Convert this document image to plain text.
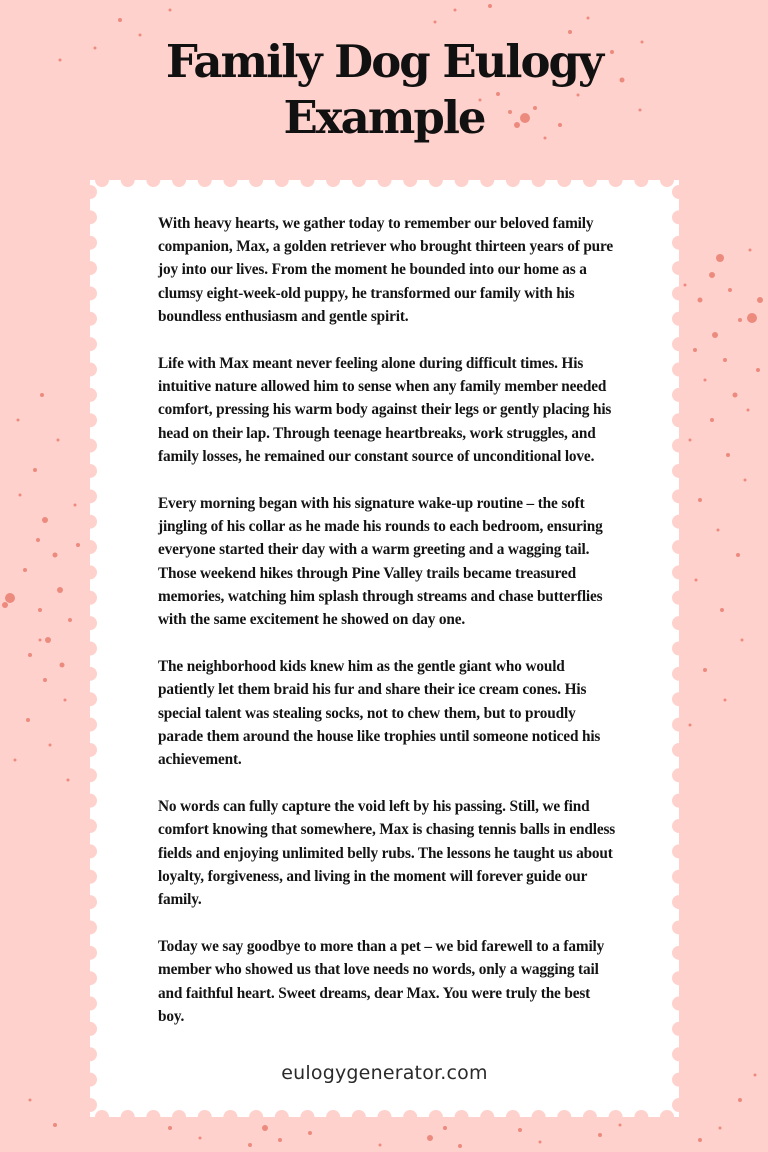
Family Dog Eulogy Example

With heavy hearts, we gather today to remember our beloved family companion, Max, a golden retriever who brought thirteen years of pure joy into our lives. From the moment he bounded into our home as a clumsy eight-week-old puppy, he transformed our family with his boundless enthusiasm and gentle spirit.

Life with Max meant never feeling alone during difficult times. His intuitive nature allowed him to sense when any family member needed comfort, pressing his warm body against their legs or gently placing his head on their lap. Through teenage heartbreaks, work struggles, and family losses, he remained our constant source of unconditional love.

Every morning began with his signature wake-up routine – the soft jingling of his collar as he made his rounds to each bedroom, ensuring everyone started their day with a warm greeting and a wagging tail. Those weekend hikes through Pine Valley trails became treasured memories, watching him splash through streams and chase butterflies with the same excitement he showed on day one.

The neighborhood kids knew him as the gentle giant who would patiently let them braid his fur and share their ice cream cones. His special talent was stealing socks, not to chew them, but to proudly parade them around the house like trophies until someone noticed his achievement.

No words can fully capture the void left by his passing. Still, we find comfort knowing that somewhere, Max is chasing tennis balls in endless fields and enjoying unlimited belly rubs. The lessons he taught us about loyalty, forgiveness, and living in the moment will forever guide our family.

Today we say goodbye to more than a pet – we bid farewell to a family member who showed us that love needs no words, only a wagging tail and faithful heart. Sweet dreams, dear Max. You were truly the best boy.

eulogygenerator.com
